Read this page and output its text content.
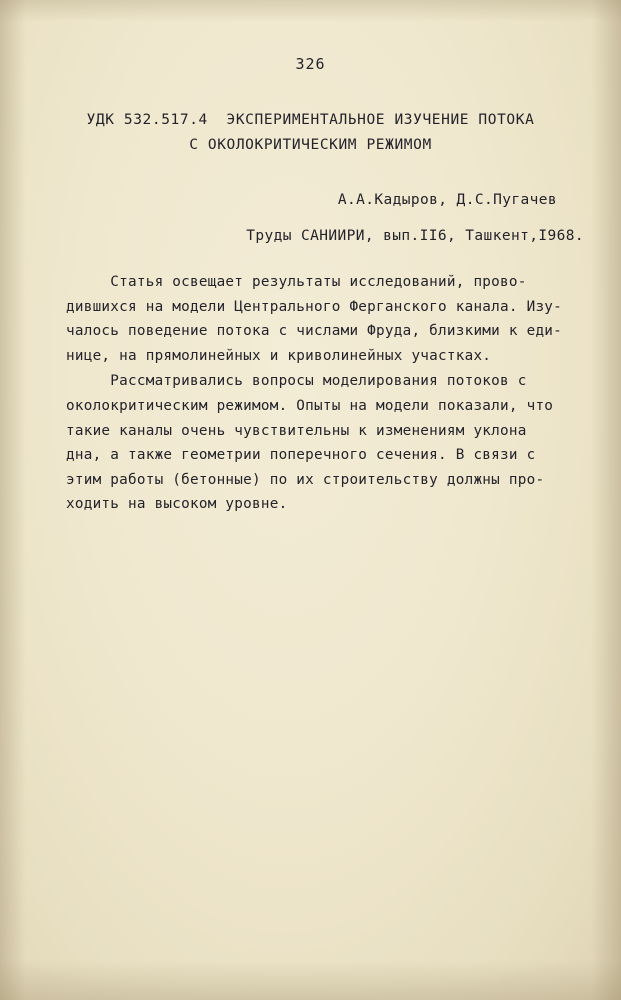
326
УДК 532.517.4  ЭКСПЕРИМЕНТАЛЬНОЕ ИЗУЧЕНИЕ ПОТОКА
С ОКОЛОКРИТИЧЕСКИМ РЕЖИМОМ
А.А.Кадыров, Д.С.Пугачев
Труды САНИИРИ, вып.II6, Ташкент,I968.

Статья освещает результаты исследований, прово-
дившихся на модели Центрального Ферганского канала. Изу-
чалось поведение потока с числами Фруда, близкими к еди-
нице, на прямолинейных и криволинейных участках.

Рассматривались вопросы моделирования потоков с
околокритическим режимом. Опыты на модели показали, что
такие каналы очень чувствительны к изменениям уклона
дна, а также геометрии поперечного сечения. В связи с
этим работы (бетонные) по их строительству должны про-
ходить на высоком уровне.
